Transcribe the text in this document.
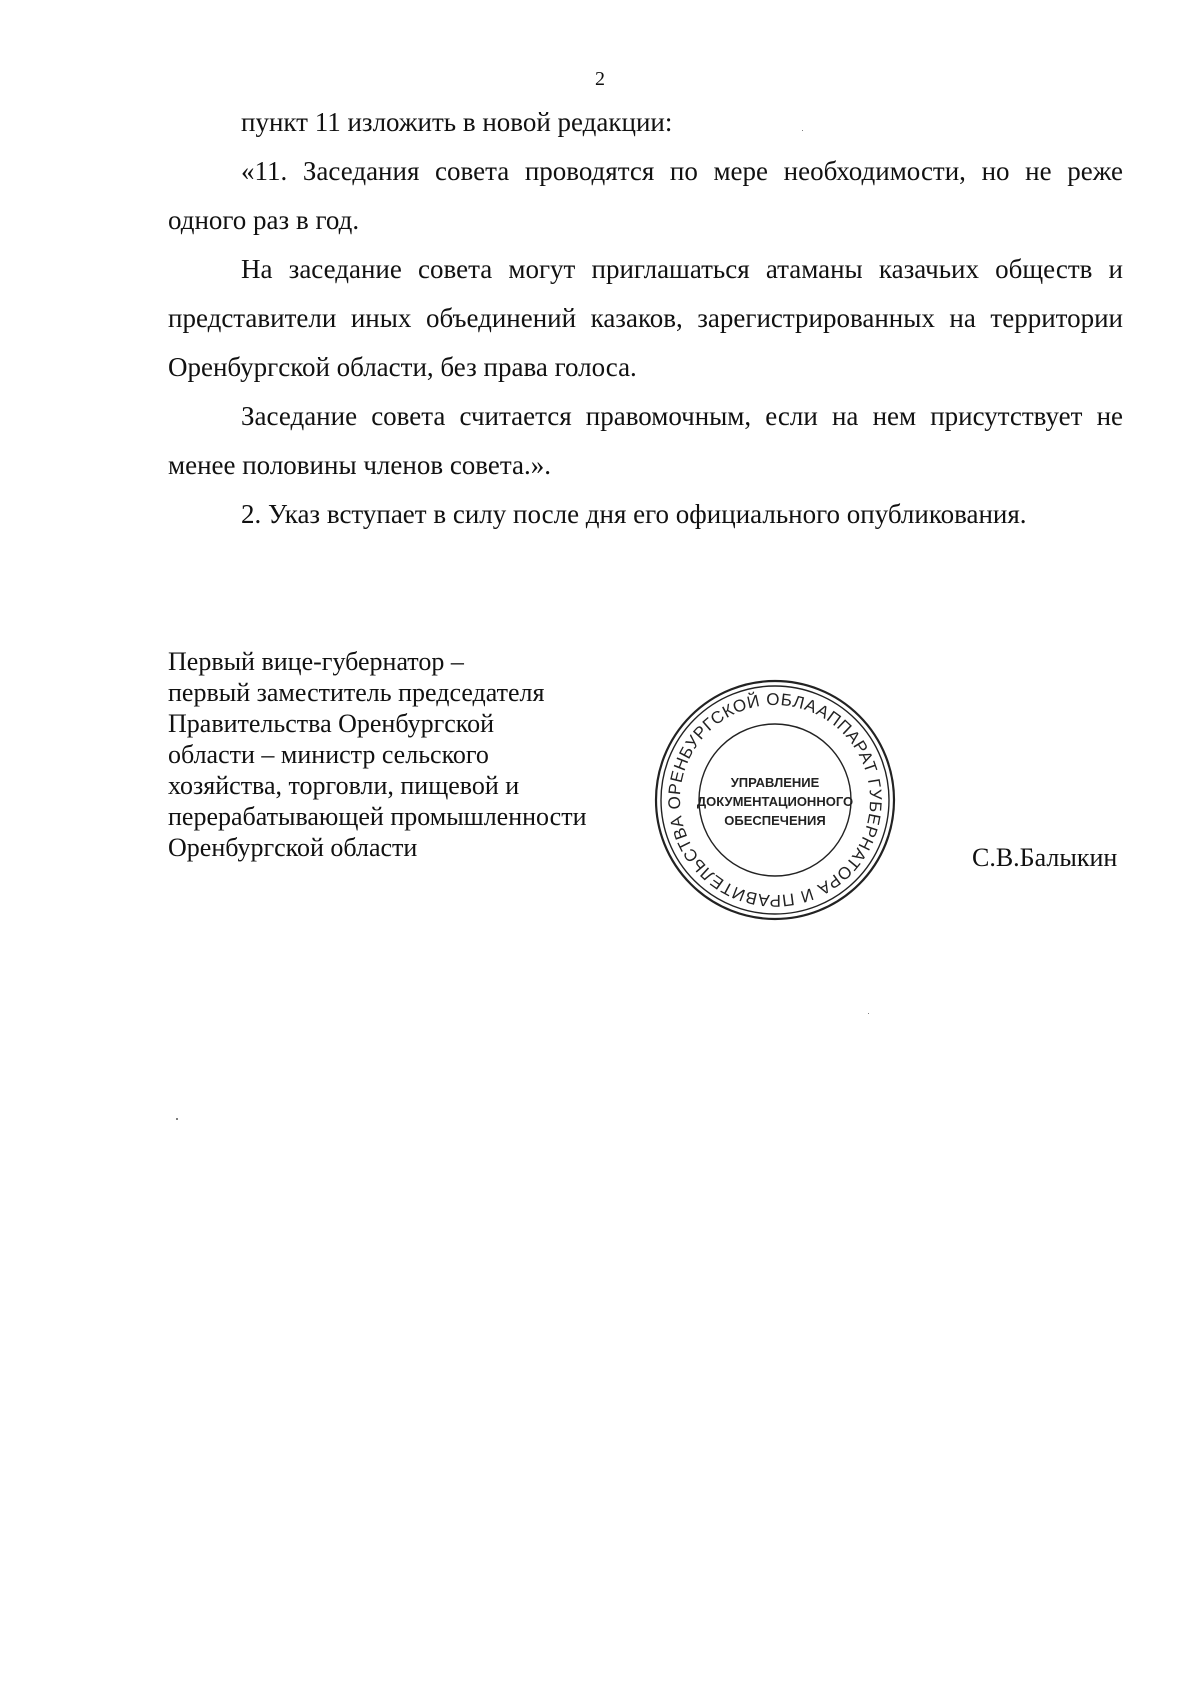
2

пункт 11 изложить в новой редакции:

«11. Заседания совета проводятся по мере необходимости, но не реже одного раз в год.

На заседание совета могут приглашаться атаманы казачьих обществ и представители иных объединений казаков, зарегистрированных на территории Оренбургской области, без права голоса.

Заседание совета считается правомочным, если на нем присутствует не менее половины членов совета.».

2. Указ вступает в силу после дня его официального опубликования.

Первый вице-губернатор –
первый заместитель председателя
Правительства Оренбургской
области – министр сельского
хозяйства, торговли, пищевой и
перерабатывающей промышленности
Оренбургской области
АППАРАТ ГУБЕРНАТОРА И ПРАВИТЕЛЬСТВА ОРЕНБУРГСКОЙ ОБЛАСТИ
УПРАВЛЕНИЕ
ДОКУМЕНТАЦИОННОГО
ОБЕСПЕЧЕНИЯ
С.В.Балыкин
